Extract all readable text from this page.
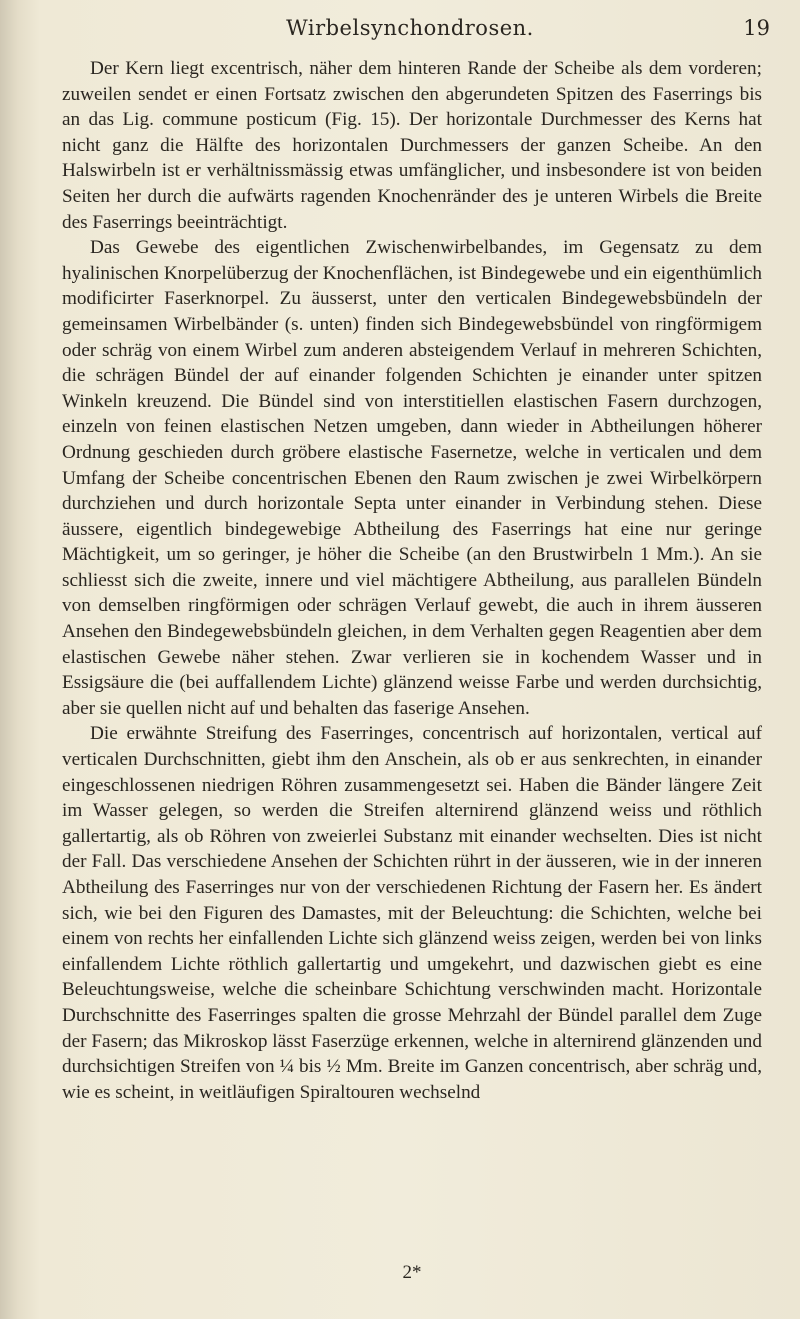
Wirbelsynchondrosen.	19

Der Kern liegt excentrisch, näher dem hinteren Rande der Scheibe als dem vorderen; zuweilen sendet er einen Fortsatz zwischen den abgerundeten Spitzen des Faserrings bis an das Lig. commune posticum (Fig. 15). Der horizontale Durchmesser des Kerns hat nicht ganz die Hälfte des horizontalen Durchmessers der ganzen Scheibe. An den Halswirbeln ist er verhältnissmässig etwas umfänglicher, und insbesondere ist von beiden Seiten her durch die aufwärts ragenden Knochenränder des je unteren Wirbels die Breite des Faserrings beeinträchtigt.

Das Gewebe des eigentlichen Zwischenwirbelbandes, im Gegensatz zu dem hyalinischen Knorpelüberzug der Knochenflächen, ist Bindegewebe und ein eigenthümlich modificirter Faserknorpel. Zu äusserst, unter den verticalen Bindegewebsbündeln der gemeinsamen Wirbelbänder (s. unten) finden sich Bindegewebsbündel von ringförmigem oder schräg von einem Wirbel zum anderen absteigendem Verlauf in mehreren Schichten, die schrägen Bündel der auf einander folgenden Schichten je einander unter spitzen Winkeln kreuzend. Die Bündel sind von interstitiellen elastischen Fasern durchzogen, einzeln von feinen elastischen Netzen umgeben, dann wieder in Abtheilungen höherer Ordnung geschieden durch gröbere elastische Fasernetze, welche in verticalen und dem Umfang der Scheibe concentrischen Ebenen den Raum zwischen je zwei Wirbelkörpern durchziehen und durch horizontale Septa unter einander in Verbindung stehen. Diese äussere, eigentlich bindegewebige Abtheilung des Faserrings hat eine nur geringe Mächtigkeit, um so geringer, je höher die Scheibe (an den Brustwirbeln 1 Mm.). An sie schliesst sich die zweite, innere und viel mächtigere Abtheilung, aus parallelen Bündeln von demselben ringförmigen oder schrägen Verlauf gewebt, die auch in ihrem äusseren Ansehen den Bindegewebsbündeln gleichen, in dem Verhalten gegen Reagentien aber dem elastischen Gewebe näher stehen. Zwar verlieren sie in kochendem Wasser und in Essigsäure die (bei auffallendem Lichte) glänzend weisse Farbe und werden durchsichtig, aber sie quellen nicht auf und behalten das faserige Ansehen.

Die erwähnte Streifung des Faserringes, concentrisch auf horizontalen, vertical auf verticalen Durchschnitten, giebt ihm den Anschein, als ob er aus senkrechten, in einander eingeschlossenen niedrigen Röhren zusammengesetzt sei. Haben die Bänder längere Zeit im Wasser gelegen, so werden die Streifen alternirend glänzend weiss und röthlich gallertartig, als ob Röhren von zweierlei Substanz mit einander wechselten. Dies ist nicht der Fall. Das verschiedene Ansehen der Schichten rührt in der äusseren, wie in der inneren Abtheilung des Faserringes nur von der verschiedenen Richtung der Fasern her. Es ändert sich, wie bei den Figuren des Damastes, mit der Beleuchtung: die Schichten, welche bei einem von rechts her einfallenden Lichte sich glänzend weiss zeigen, werden bei von links einfallendem Lichte röthlich gallertartig und umgekehrt, und dazwischen giebt es eine Beleuchtungsweise, welche die scheinbare Schichtung verschwinden macht. Horizontale Durchschnitte des Faserringes spalten die grosse Mehrzahl der Bündel parallel dem Zuge der Fasern; das Mikroskop lässt Faserzüge erkennen, welche in alternirend glänzenden und durchsichtigen Streifen von ¼ bis ½ Mm. Breite im Ganzen concentrisch, aber schräg und, wie es scheint, in weitläufigen Spiraltouren wechselnd

2*
